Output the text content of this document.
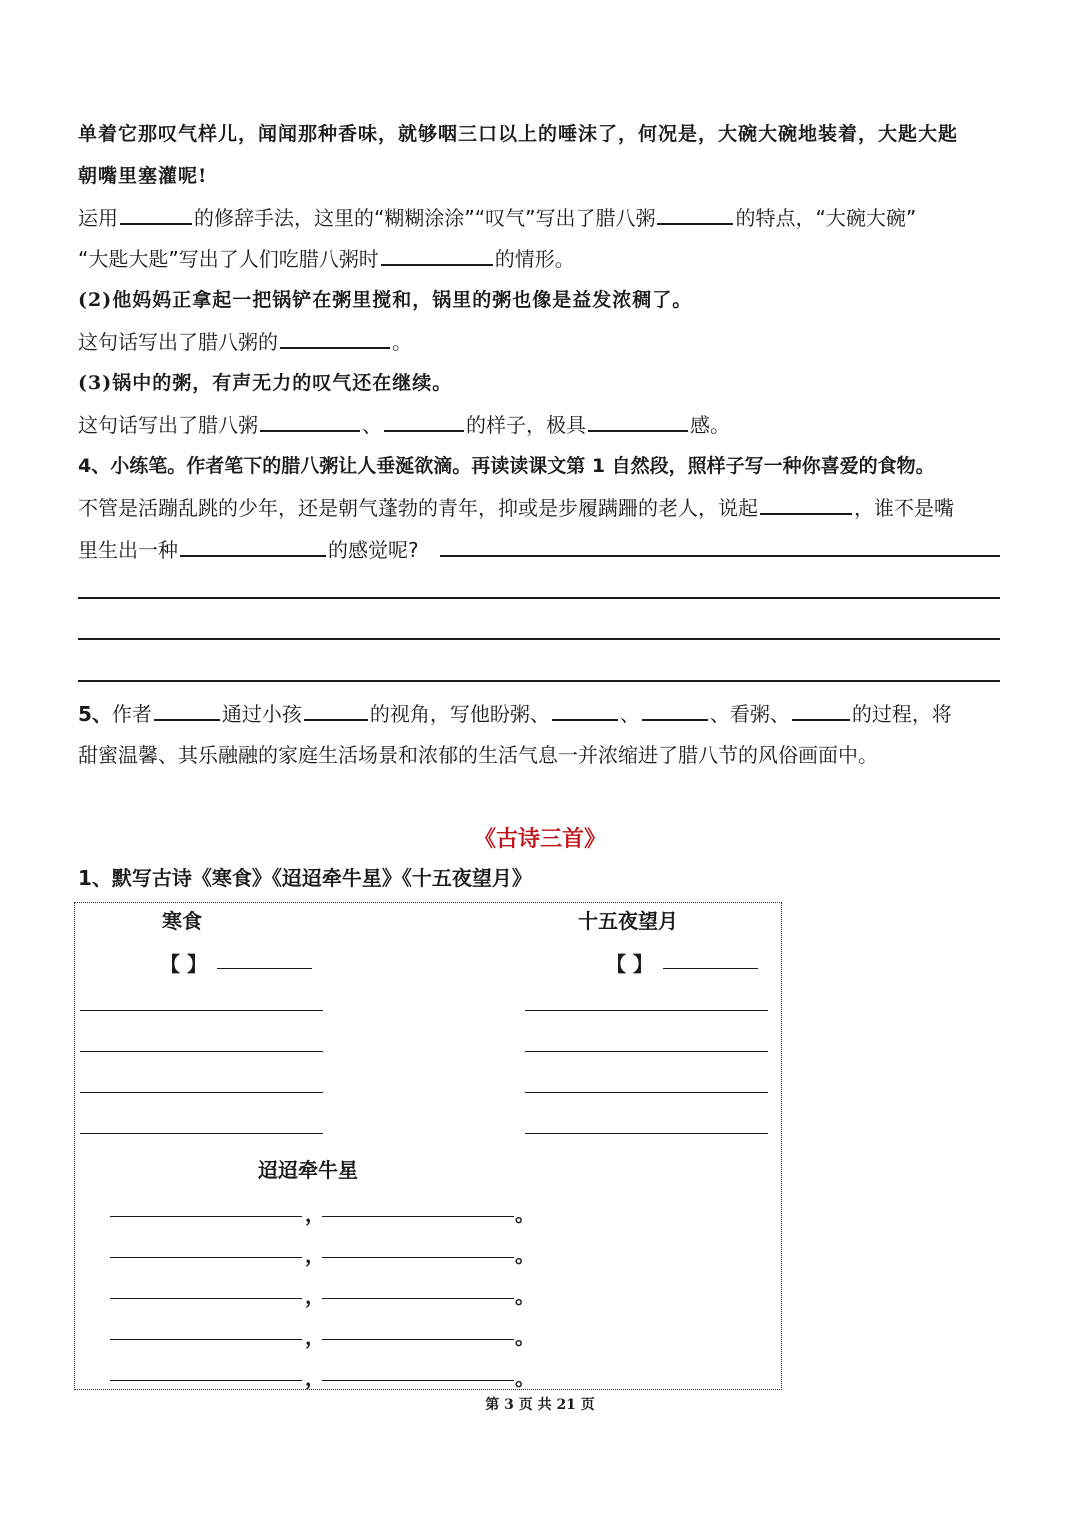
单着它那叹气样儿，闻闻那种香味，就够咽三口以上的唾沫了，何况是，大碗大碗地装着，大匙大匙
朝嘴里塞灌呢!
运用	的修辞手法，这里的“糊糊涂涂”“叹气”写出了腊八粥	的特点，“大碗大碗”
“大匙大匙”写出了人们吃腊八粥时	的情形。
(2)他妈妈正拿起一把锅铲在粥里搅和，锅里的粥也像是益发浓稠了。
这句话写出了腊八粥的	。
(3)锅中的粥，有声无力的叹气还在继续。
这句话写出了腊八粥	、	的样子，极具	感。
4、小练笔。作者笔下的腊八粥让人垂涎欲滴。再读读课文第 1 自然段，照样子写一种你喜爱的食物。
不管是活蹦乱跳的少年，还是朝气蓬勃的青年，抑或是步履蹒跚的老人，说起	，谁不是嘴
里生出一种	的感觉呢?
5、作者	通过小孩	的视角，写他盼粥、	、	、看粥、	的过程，将
甜蜜温馨、其乐融融的家庭生活场景和浓郁的生活气息一并浓缩进了腊八节的风俗画面中。
《古诗三首》
1、默写古诗《寒食》《迢迢牵牛星》《十五夜望月》
寒食
【 】
十五夜望月
【 】
迢迢牵牛星
，	。
，	。
，	。
，	。
，	。
第 3 页 共 21 页
